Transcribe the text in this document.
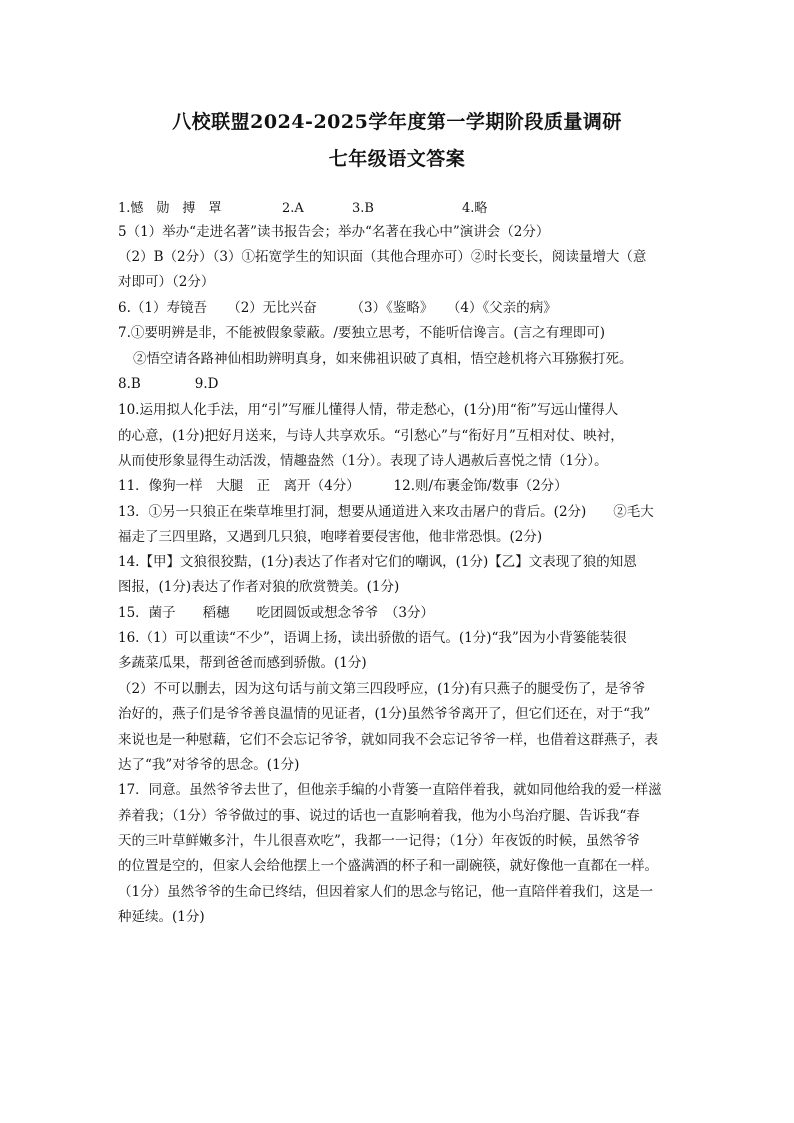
八校联盟2024-2025学年度第一学期阶段质量调研
七年级语文答案
1.憾　勋　搏　罩	2.A	3.B	4.略
5（1）举办“走进名著”读书报告会；举办“名著在我心中”演讲会（2分）
（2）B（2分）（3）①拓宽学生的知识面（其他合理亦可）②时长变长，阅读量增大（意
对即可）（2分）
6.（1）寿镜吾　　（2）无比兴奋　　　（3）《鉴略》　　（4）《父亲的病》
7.①要明辨是非，不能被假象蒙蔽。/要独立思考，不能听信谗言。(言之有理即可)
②悟空请各路神仙相助辨明真身，如来佛祖识破了真相，悟空趁机将六耳猕猴打死。
8.B　　　　9.D
10.运用拟人化手法，用“引”写雁儿懂得人情，带走愁心，(1分)用“衔”写远山懂得人
的心意，(1分)把好月送来，与诗人共享欢乐。“引愁心”与“衔好月”互相对仗、映衬，
从而使形象显得生动活泼，情趣盎然（1分）。表现了诗人遇赦后喜悦之情（1分）。
11．像狗一样　大腿　正　离开（4分）　　　12.则/布裹金饰/数事（2分）
13．①另一只狼正在柴草堆里打洞，想要从通道进入来攻击屠户的背后。(2分)　　②毛大
福走了三四里路，又遇到几只狼，咆哮着要侵害他，他非常恐惧。(2分)
14.【甲】文狼很狡黠，(1分)表达了作者对它们的嘲讽，(1分)【乙】文表现了狼的知恩
图报，(1分)表达了作者对狼的欣赏赞美。(1分)
15．菌子　　稻穗　　吃团圆饭或想念爷爷　（3分）
16.（1）可以重读“不少”，语调上扬，读出骄傲的语气。(1分)“我”因为小背篓能装很
多蔬菜瓜果，帮到爸爸而感到骄傲。(1分)
（2）不可以删去，因为这句话与前文第三四段呼应，(1分)有只燕子的腿受伤了，是爷爷
治好的，燕子们是爷爷善良温情的见证者，(1分)虽然爷爷离开了，但它们还在，对于“我”
来说也是一种慰藉，它们不会忘记爷爷，就如同我不会忘记爷爷一样，也借着这群燕子，表
达了“我”对爷爷的思念。(1分)
17．同意。虽然爷爷去世了，但他亲手编的小背篓一直陪伴着我，就如同他给我的爱一样滋
养着我；（1分）爷爷做过的事、说过的话也一直影响着我，他为小鸟治疗腿、告诉我“春
天的三叶草鲜嫩多汁，牛儿很喜欢吃”，我都一一记得；（1分）年夜饭的时候，虽然爷爷
的位置是空的，但家人会给他摆上一个盛满酒的杯子和一副碗筷，就好像他一直都在一样。
（1分）虽然爷爷的生命已终结，但因着家人们的思念与铭记，他一直陪伴着我们，这是一
种延续。(1分)
